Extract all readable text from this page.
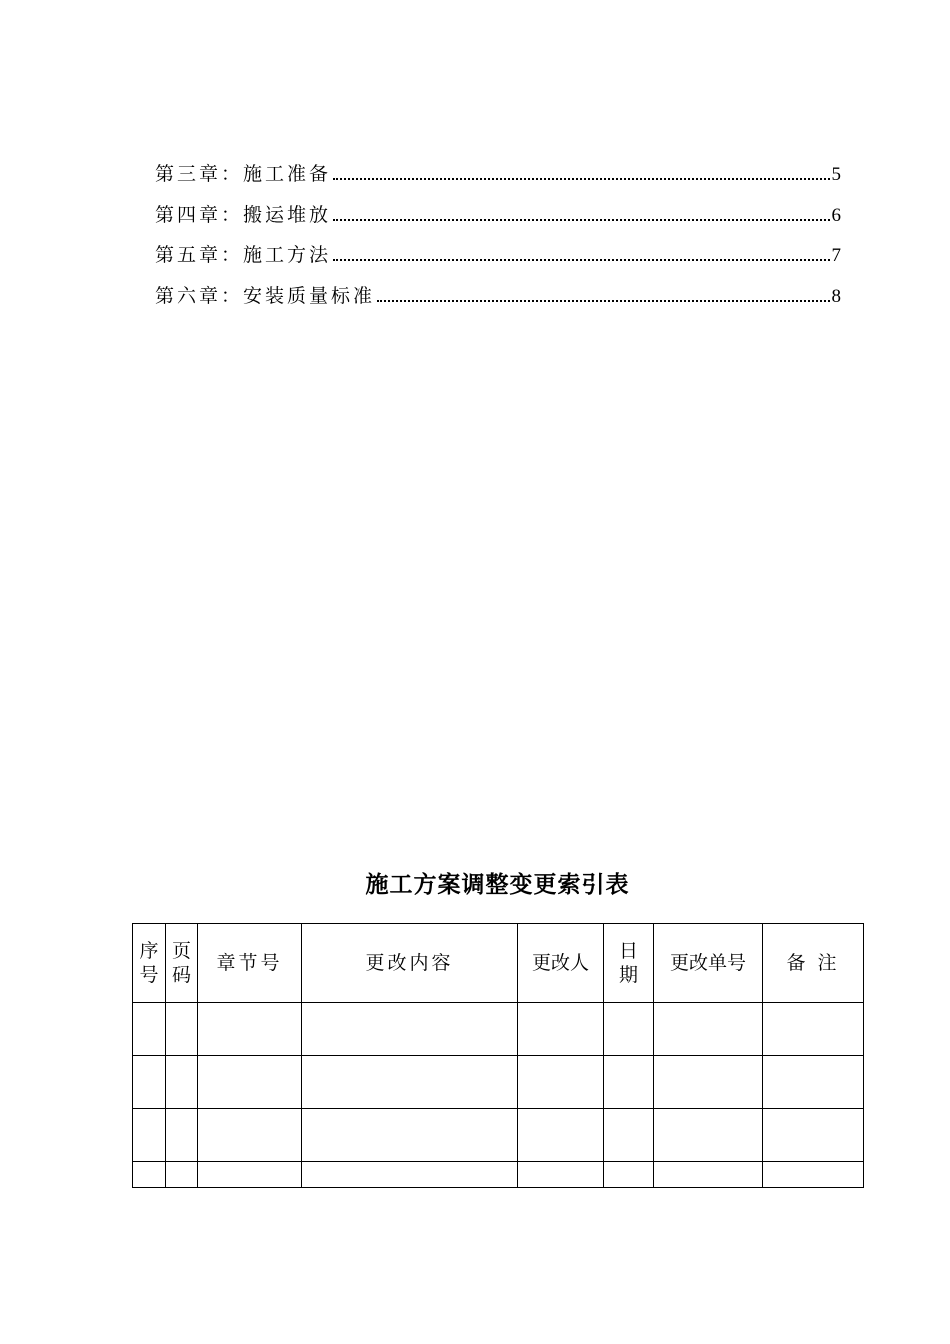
第三章：施工准备	5
第四章：搬运堆放	6
第五章：施工方法	7
第六章：安装质量标准	8
施工方案调整变更索引表
序号	页码	章节号	更改内容	更改人	日期	更改单号	备 注
